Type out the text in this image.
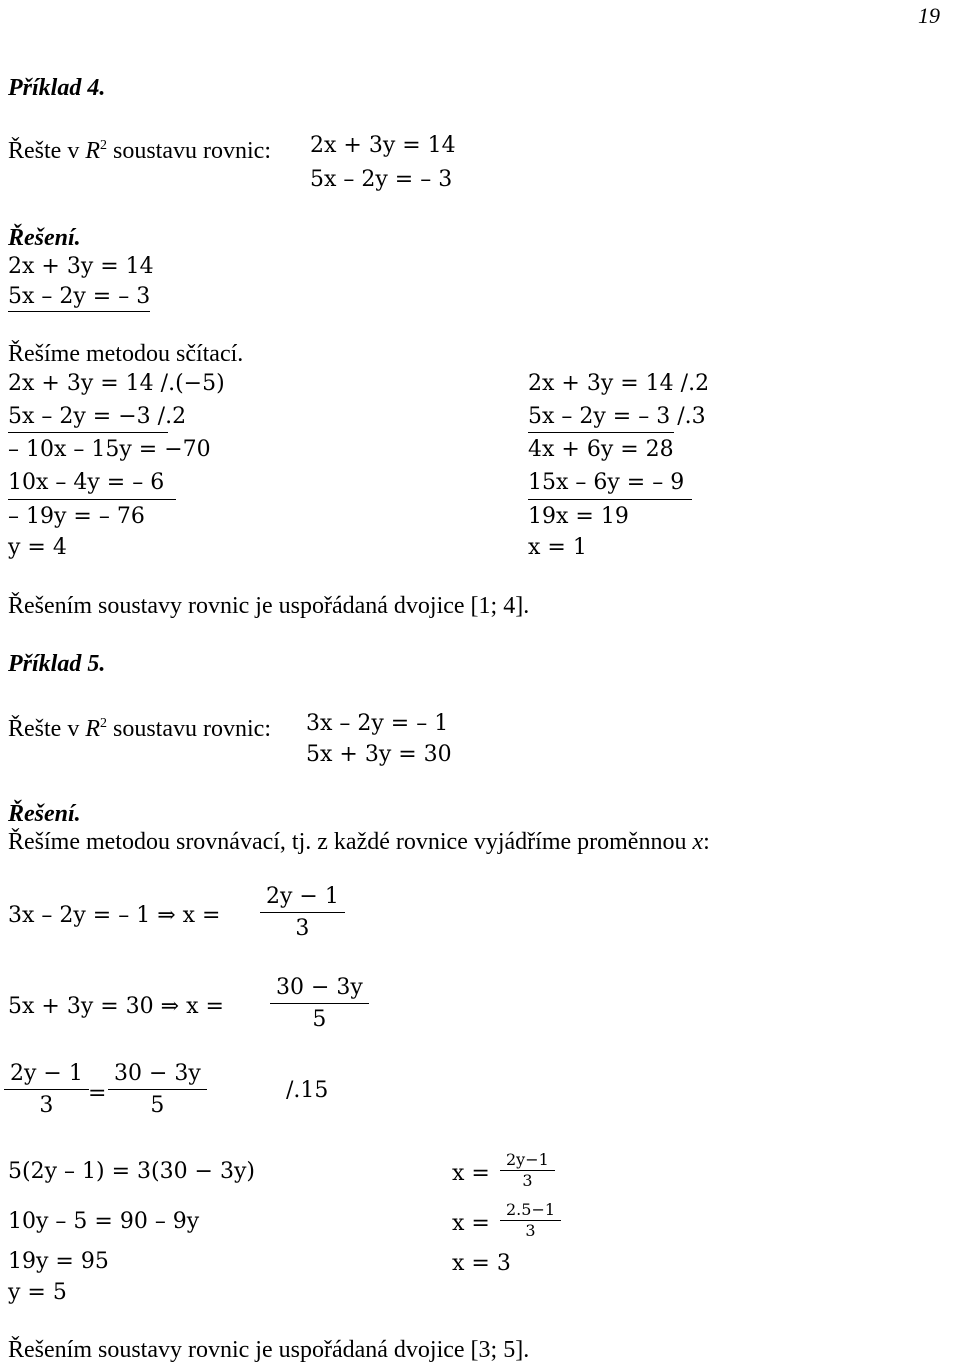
19
Příklad 4.
Řešte v $R^2$ soustavu rovnic: 2x + 3y = 14
5x – 2y = – 3
Řešení.
2x + 3y = 14
5x – 2y = – 3
Řešíme metodou sčítací.
2x + 3y = 14 /.(−5)
5x – 2y = −3 /.2
– 10x – 15y = −70
10x – 4y = – 6
– 19y = – 76
y = 4
2x + 3y = 14 /.2
5x – 2y = – 3 /.3
4x + 6y = 28
15x – 6y = – 9
19x = 19
x = 1
Řešením soustavy rovnic je uspořádaná dvojice [1; 4].
Příklad 5.
Řešte v $R^2$ soustavu rovnic: 3x – 2y = – 1
5x + 3y = 30
Řešení.
Řešíme metodou srovnávací, tj. z každé rovnice vyjádříme proměnnou x:
3x – 2y = – 1 ⇒ $x = \frac{2y - 1}{3}$
5x + 3y = 30 ⇒ $x = \frac{30 - 3y}{5}$
$\frac{2y - 1}{3} = \frac{30 - 3y}{5}$	/.15
5(2y – 1) = 3(30 − 3y)
10y – 5 = 90 – 9y
19y = 95
y = 5
$x = \frac{2y-1}{3}$
$x = \frac{2.5-1}{3}$
x = 3
Řešením soustavy rovnic je uspořádaná dvojice [3; 5].
